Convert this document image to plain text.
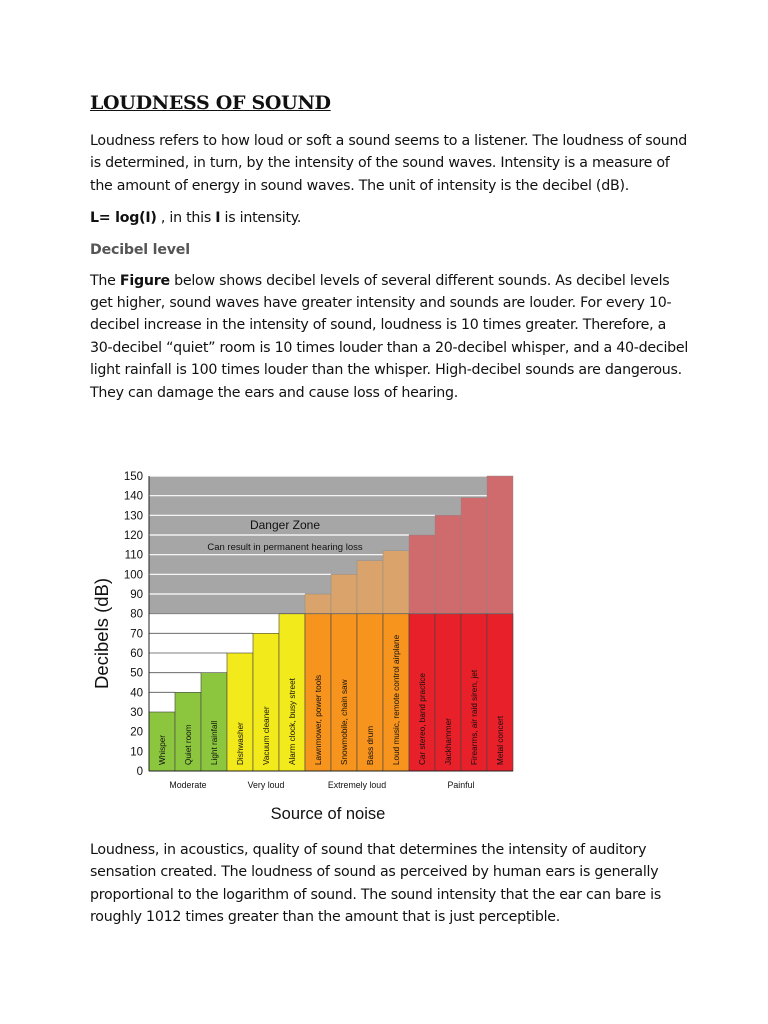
LOUDNESS OF SOUND

Loudness refers to how loud or soft a sound seems to a listener. The loudness of sound is determined, in turn, by the intensity of the sound waves. Intensity is a measure of the amount of energy in sound waves. The unit of intensity is the decibel (dB).

L= log(I) , in this I is intensity.

Decibel level

The Figure below shows decibel levels of several different sounds. As decibel levels get higher, sound waves have greater intensity and sounds are louder. For every 10-decibel increase in the intensity of sound, loudness is 10 times greater. Therefore, a 30-decibel “quiet” room is 10 times louder than a 20-decibel whisper, and a 40-decibel light rainfall is 100 times louder than the whisper. High-decibel sounds are dangerous. They can damage the ears and cause loss of hearing.

Whisper Quiet room Light rainfall Dishwasher Vacuum cleaner Alarm clock, busy street Lawnmower, power tools Snowmobile, chain saw Bass drum Loud music, remote control airplane Car stereo, band practice Jackhammer Firearms, air raid siren, jet Metal concert
0
10
20
30
40
50
60
70
80
90
100
110
120
130
140
150
Danger Zone
Can result in permanent hearing loss
Moderate	Very loud	Extremely loud	Painful
Decibels (dB)
Source of noise

Loudness, in acoustics, quality of sound that determines the intensity of auditory sensation created. The loudness of sound as perceived by human ears is generally proportional to the logarithm of sound. The sound intensity that the ear can bare is roughly 1012 times greater than the amount that is just perceptible.
